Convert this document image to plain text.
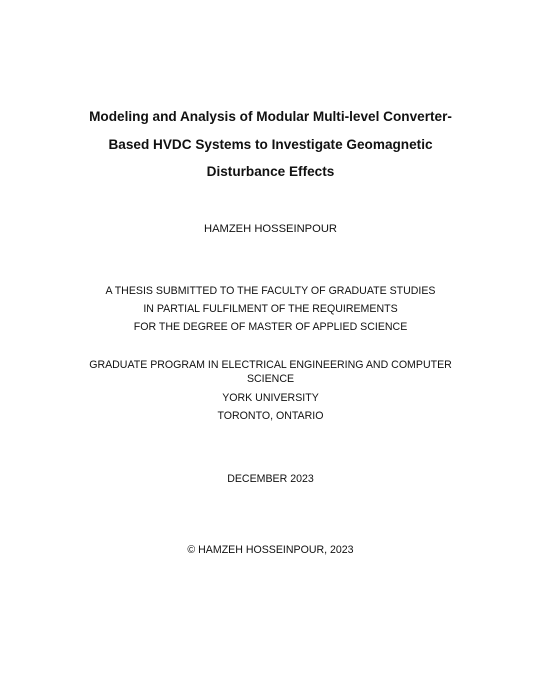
Modeling and Analysis of Modular Multi-level Converter-
Based HVDC Systems to Investigate Geomagnetic
Disturbance Effects
HAMZEH HOSSEINPOUR
A THESIS SUBMITTED TO THE FACULTY OF GRADUATE STUDIES
IN PARTIAL FULFILMENT OF THE REQUIREMENTS
FOR THE DEGREE OF MASTER OF APPLIED SCIENCE
GRADUATE PROGRAM IN ELECTRICAL ENGINEERING AND COMPUTER
SCIENCE
YORK UNIVERSITY
TORONTO, ONTARIO
DECEMBER 2023
© HAMZEH HOSSEINPOUR, 2023
